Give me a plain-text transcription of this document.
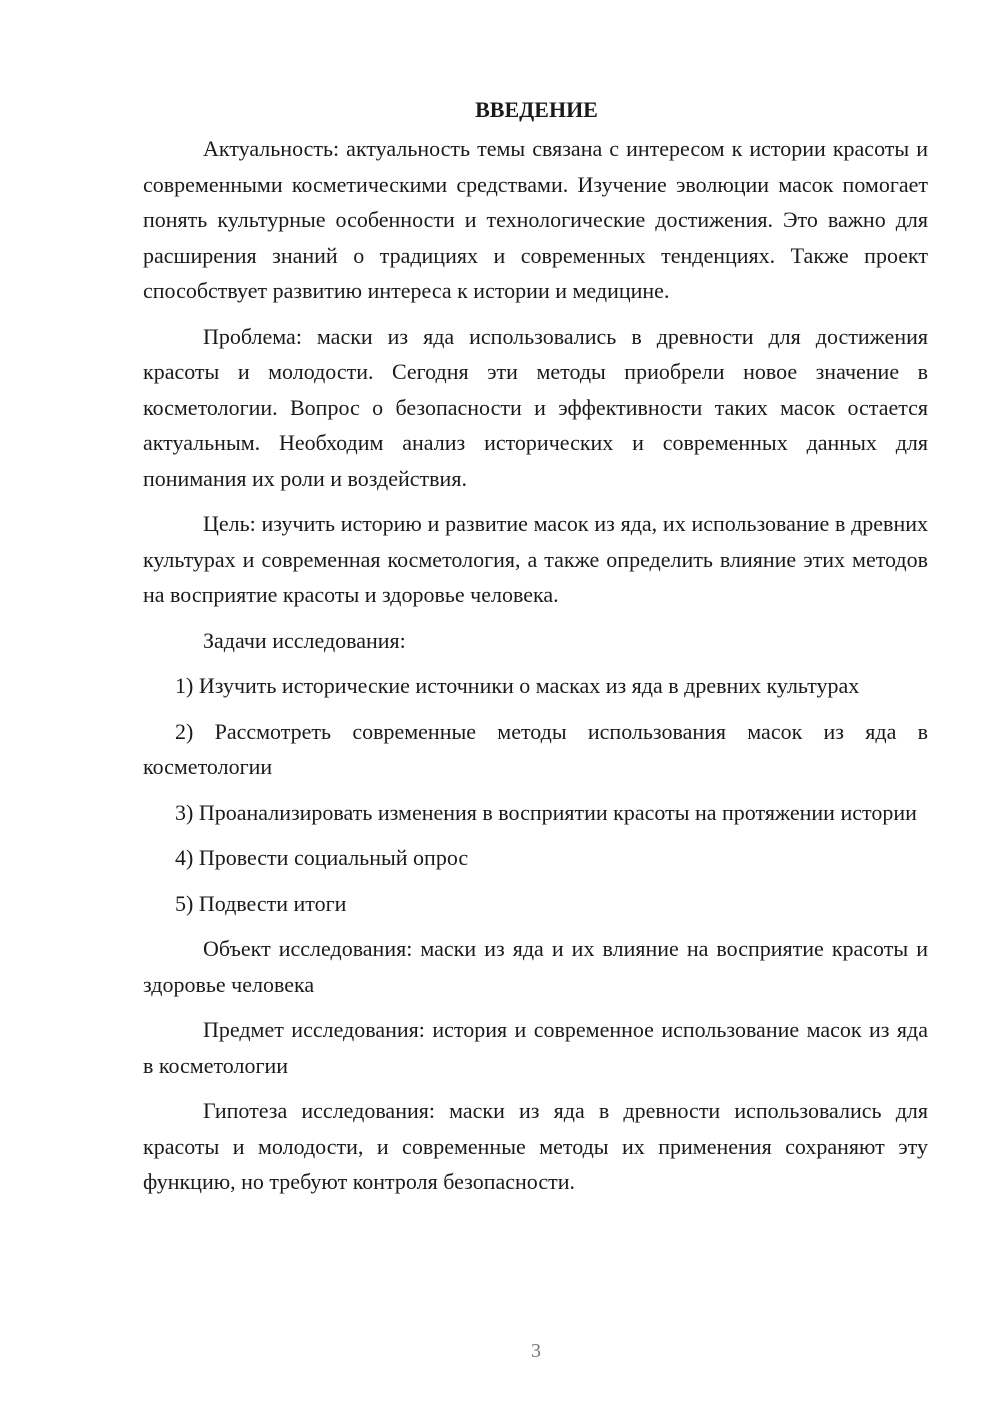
ВВЕДЕНИЕ

Актуальность: актуальность темы связана с интересом к истории красоты и современными косметическими средствами. Изучение эволюции масок помогает понять культурные особенности и технологические достижения. Это важно для расширения знаний о традициях и современных тенденциях. Также проект способствует развитию интереса к истории и медицине.

Проблема: маски из яда использовались в древности для достижения красоты и молодости. Сегодня эти методы приобрели новое значение в косметологии. Вопрос о безопасности и эффективности таких масок остается актуальным. Необходим анализ исторических и современных данных для понимания их роли и воздействия.

Цель: изучить историю и развитие масок из яда, их использование в древних культурах и современная косметология, а также определить влияние этих методов на восприятие красоты и здоровье человека.

Задачи исследования:

1) Изучить исторические источники о масках из яда в древних культурах

2) Рассмотреть современные методы использования масок из яда в косметологии

3) Проанализировать изменения в восприятии красоты на протяжении истории

4) Провести социальный опрос

5) Подвести итоги

Объект исследования: маски из яда и их влияние на восприятие красоты и здоровье человека

Предмет исследования: история и современное использование масок из яда в косметологии

Гипотеза исследования: маски из яда в древности использовались для красоты и молодости, и современные методы их применения сохраняют эту функцию, но требуют контроля безопасности.

3
